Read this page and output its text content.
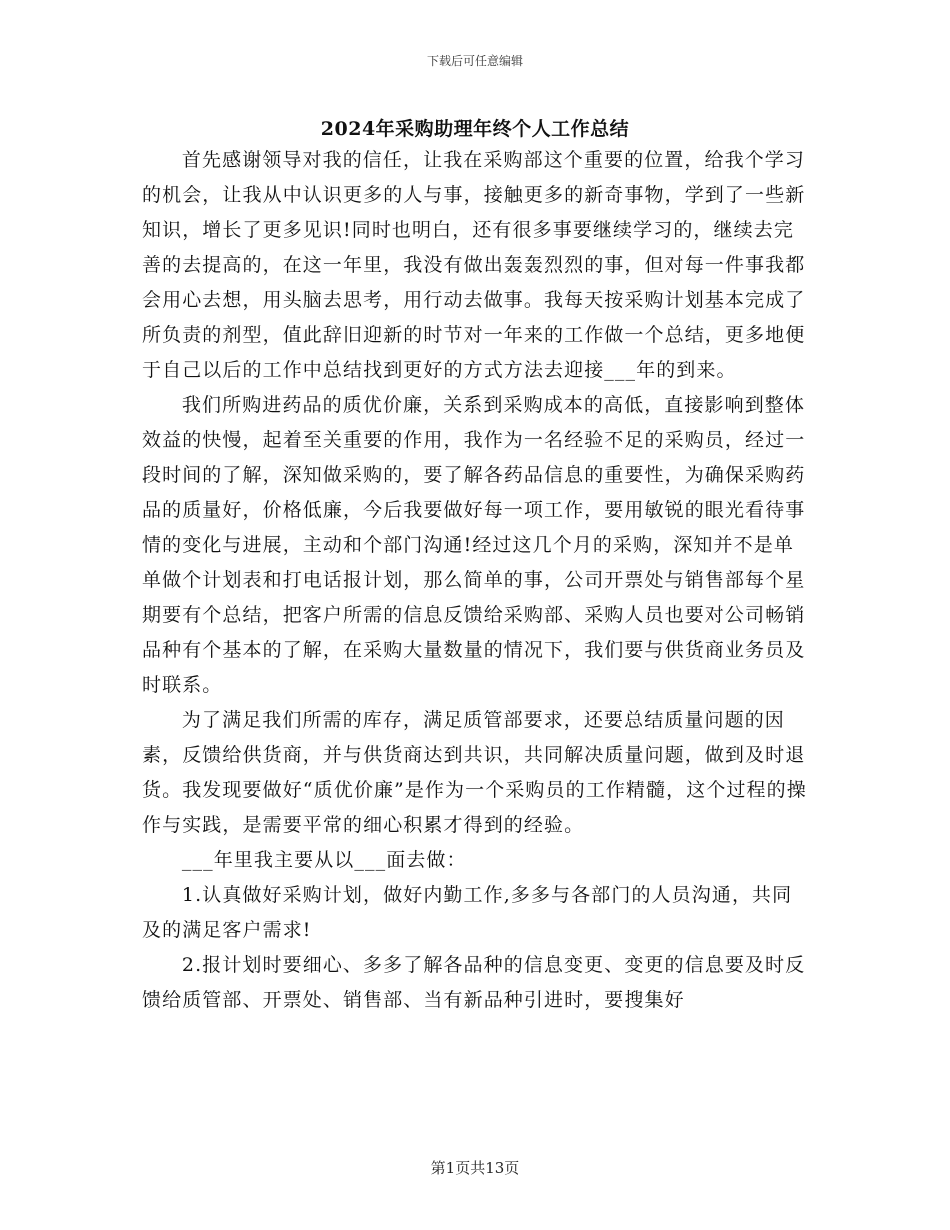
下载后可任意编辑
2024年采购助理年终个人工作总结

首先感谢领导对我的信任，让我在采购部这个重要的位置，给我个学习的机会，让我从中认识更多的人与事，接触更多的新奇事物，学到了一些新知识，增长了更多见识!同时也明白，还有很多事要继续学习的，继续去完善的去提高的，在这一年里，我没有做出轰轰烈烈的事，但对每一件事我都会用心去想，用头脑去思考，用行动去做事。我每天按采购计划基本完成了所负责的剂型，值此辞旧迎新的时节对一年来的工作做一个总结，更多地便于自己以后的工作中总结找到更好的方式方法去迎接___年的到来。

我们所购进药品的质优价廉，关系到采购成本的高低，直接影响到整体效益的快慢，起着至关重要的作用，我作为一名经验不足的采购员，经过一段时间的了解，深知做采购的，要了解各药品信息的重要性，为确保采购药品的质量好，价格低廉，今后我要做好每一项工作，要用敏锐的眼光看待事情的变化与进展，主动和个部门沟通!经过这几个月的采购，深知并不是单单做个计划表和打电话报计划，那么简单的事，公司开票处与销售部每个星期要有个总结，把客户所需的信息反馈给采购部、采购人员也要对公司畅销品种有个基本的了解，在采购大量数量的情况下，我们要与供货商业务员及时联系。

为了满足我们所需的库存，满足质管部要求，还要总结质量问题的因素，反馈给供货商，并与供货商达到共识，共同解决质量问题，做到及时退货。我发现要做好“质优价廉”是作为一个采购员的工作精髓，这个过程的操作与实践，是需要平常的细心积累才得到的经验。

___年里我主要从以___面去做：

1.认真做好采购计划，做好内勤工作,多多与各部门的人员沟通，共同及的满足客户需求!

2.报计划时要细心、多多了解各品种的信息变更、变更的信息要及时反馈给质管部、开票处、销售部、当有新品种引进时，要搜集好

第1页共13页
